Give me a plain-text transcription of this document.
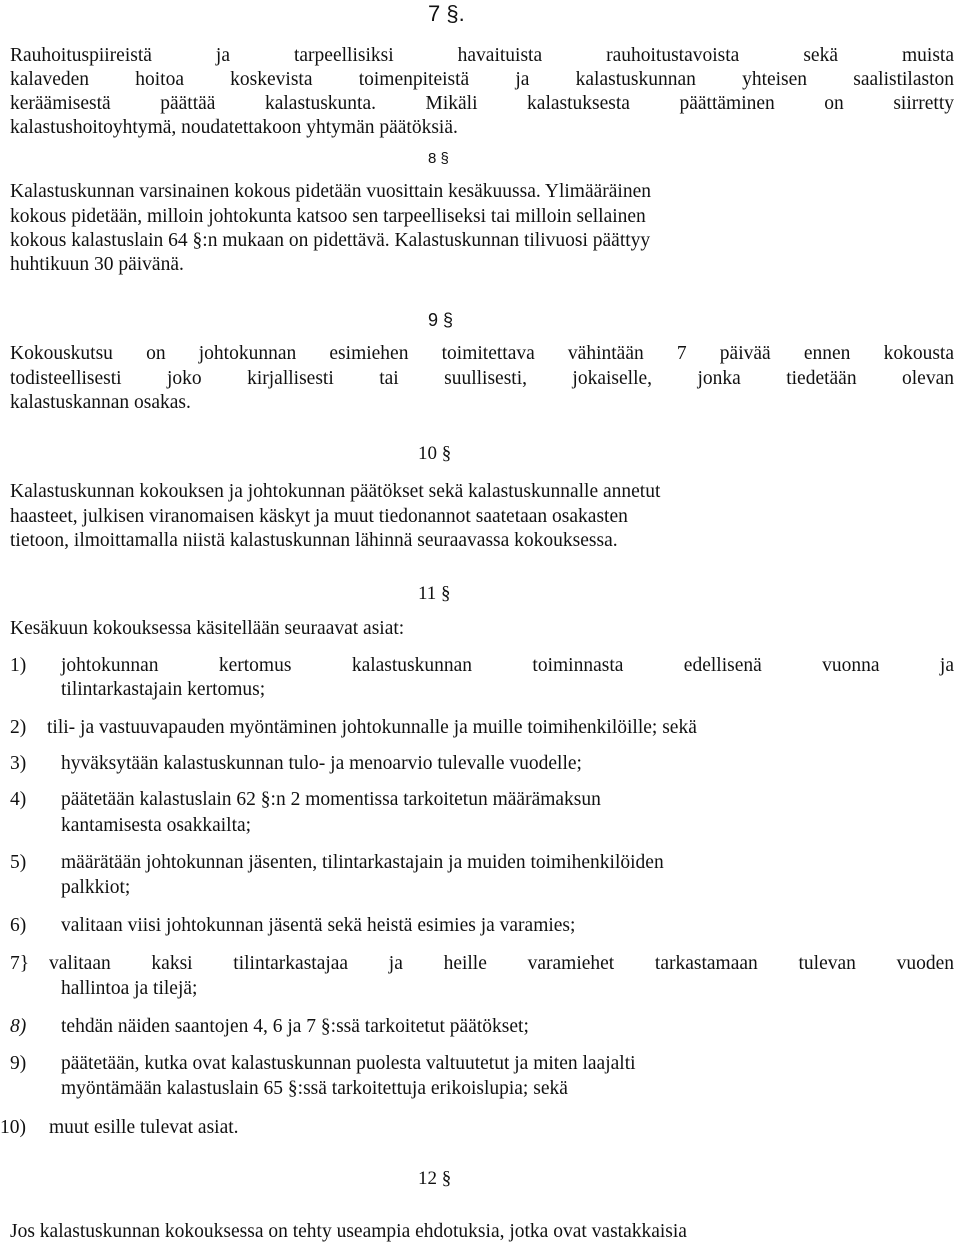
7 §.
Rauhoituspiireistä ja tarpeellisiksi havaituista rauhoitustavoista sekä muista
kalaveden hoitoa koskevista toimenpiteistä ja kalastuskunnan yhteisen saalistilaston
keräämisestä päättää kalastuskunta. Mikäli kalastuksesta päättäminen on siirretty
kalastushoitoyhtymä, noudatettakoon yhtymän päätöksiä.
8 §
Kalastuskunnan varsinainen kokous pidetään vuosittain kesäkuussa. Ylimääräinen
kokous pidetään, milloin johtokunta katsoo sen tarpeelliseksi tai milloin sellainen
kokous kalastuslain 64 §:n mukaan on pidettävä. Kalastuskunnan tilivuosi päättyy
huhtikuun 30 päivänä.
9 §
Kokouskutsu on johtokunnan esimiehen toimitettava vähintään 7 päivää ennen kokousta
todisteellisesti joko kirjallisesti tai suullisesti, jokaiselle, jonka tiedetään olevan
kalastuskannan osakas.
10 §
Kalastuskunnan kokouksen ja johtokunnan päätökset sekä kalastuskunnalle annetut
haasteet, julkisen viranomaisen käskyt ja muut tiedonannot saatetaan osakasten
tietoon, ilmoittamalla niistä kalastuskunnan lähinnä seuraavassa kokouksessa.
11 §
Kesäkuun kokouksessa käsitellään seuraavat asiat:
1) johtokunnan kertomus kalastuskunnan toiminnasta edellisenä vuonna ja
tilintarkastajain kertomus;
2) tili- ja vastuuvapauden myöntäminen johtokunnalle ja muille toimihenkilöille; sekä
3) hyväksytään kalastuskunnan tulo- ja menoarvio tulevalle vuodelle;
4) päätetään kalastuslain 62 §:n 2 momentissa tarkoitetun määrämaksun
kantamisesta osakkailta;
5) määrätään johtokunnan jäsenten, tilintarkastajain ja muiden toimihenkilöiden
palkkiot;
6) valitaan viisi johtokunnan jäsentä sekä heistä esimies ja varamies;
7} valitaan kaksi tilintarkastajaa ja heille varamiehet tarkastamaan tulevan vuoden
hallintoa ja tilejä;
8) tehdän näiden saantojen 4, 6 ja 7 §:ssä tarkoitetut päätökset;
9) päätetään, kutka ovat kalastuskunnan puolesta valtuutetut ja miten laajalti
myöntämään kalastuslain 65 §:ssä tarkoitettuja erikoislupia; sekä
10) muut esille tulevat asiat.
12 §
Jos kalastuskunnan kokouksessa on tehty useampia ehdotuksia, jotka ovat vastakkaisia
